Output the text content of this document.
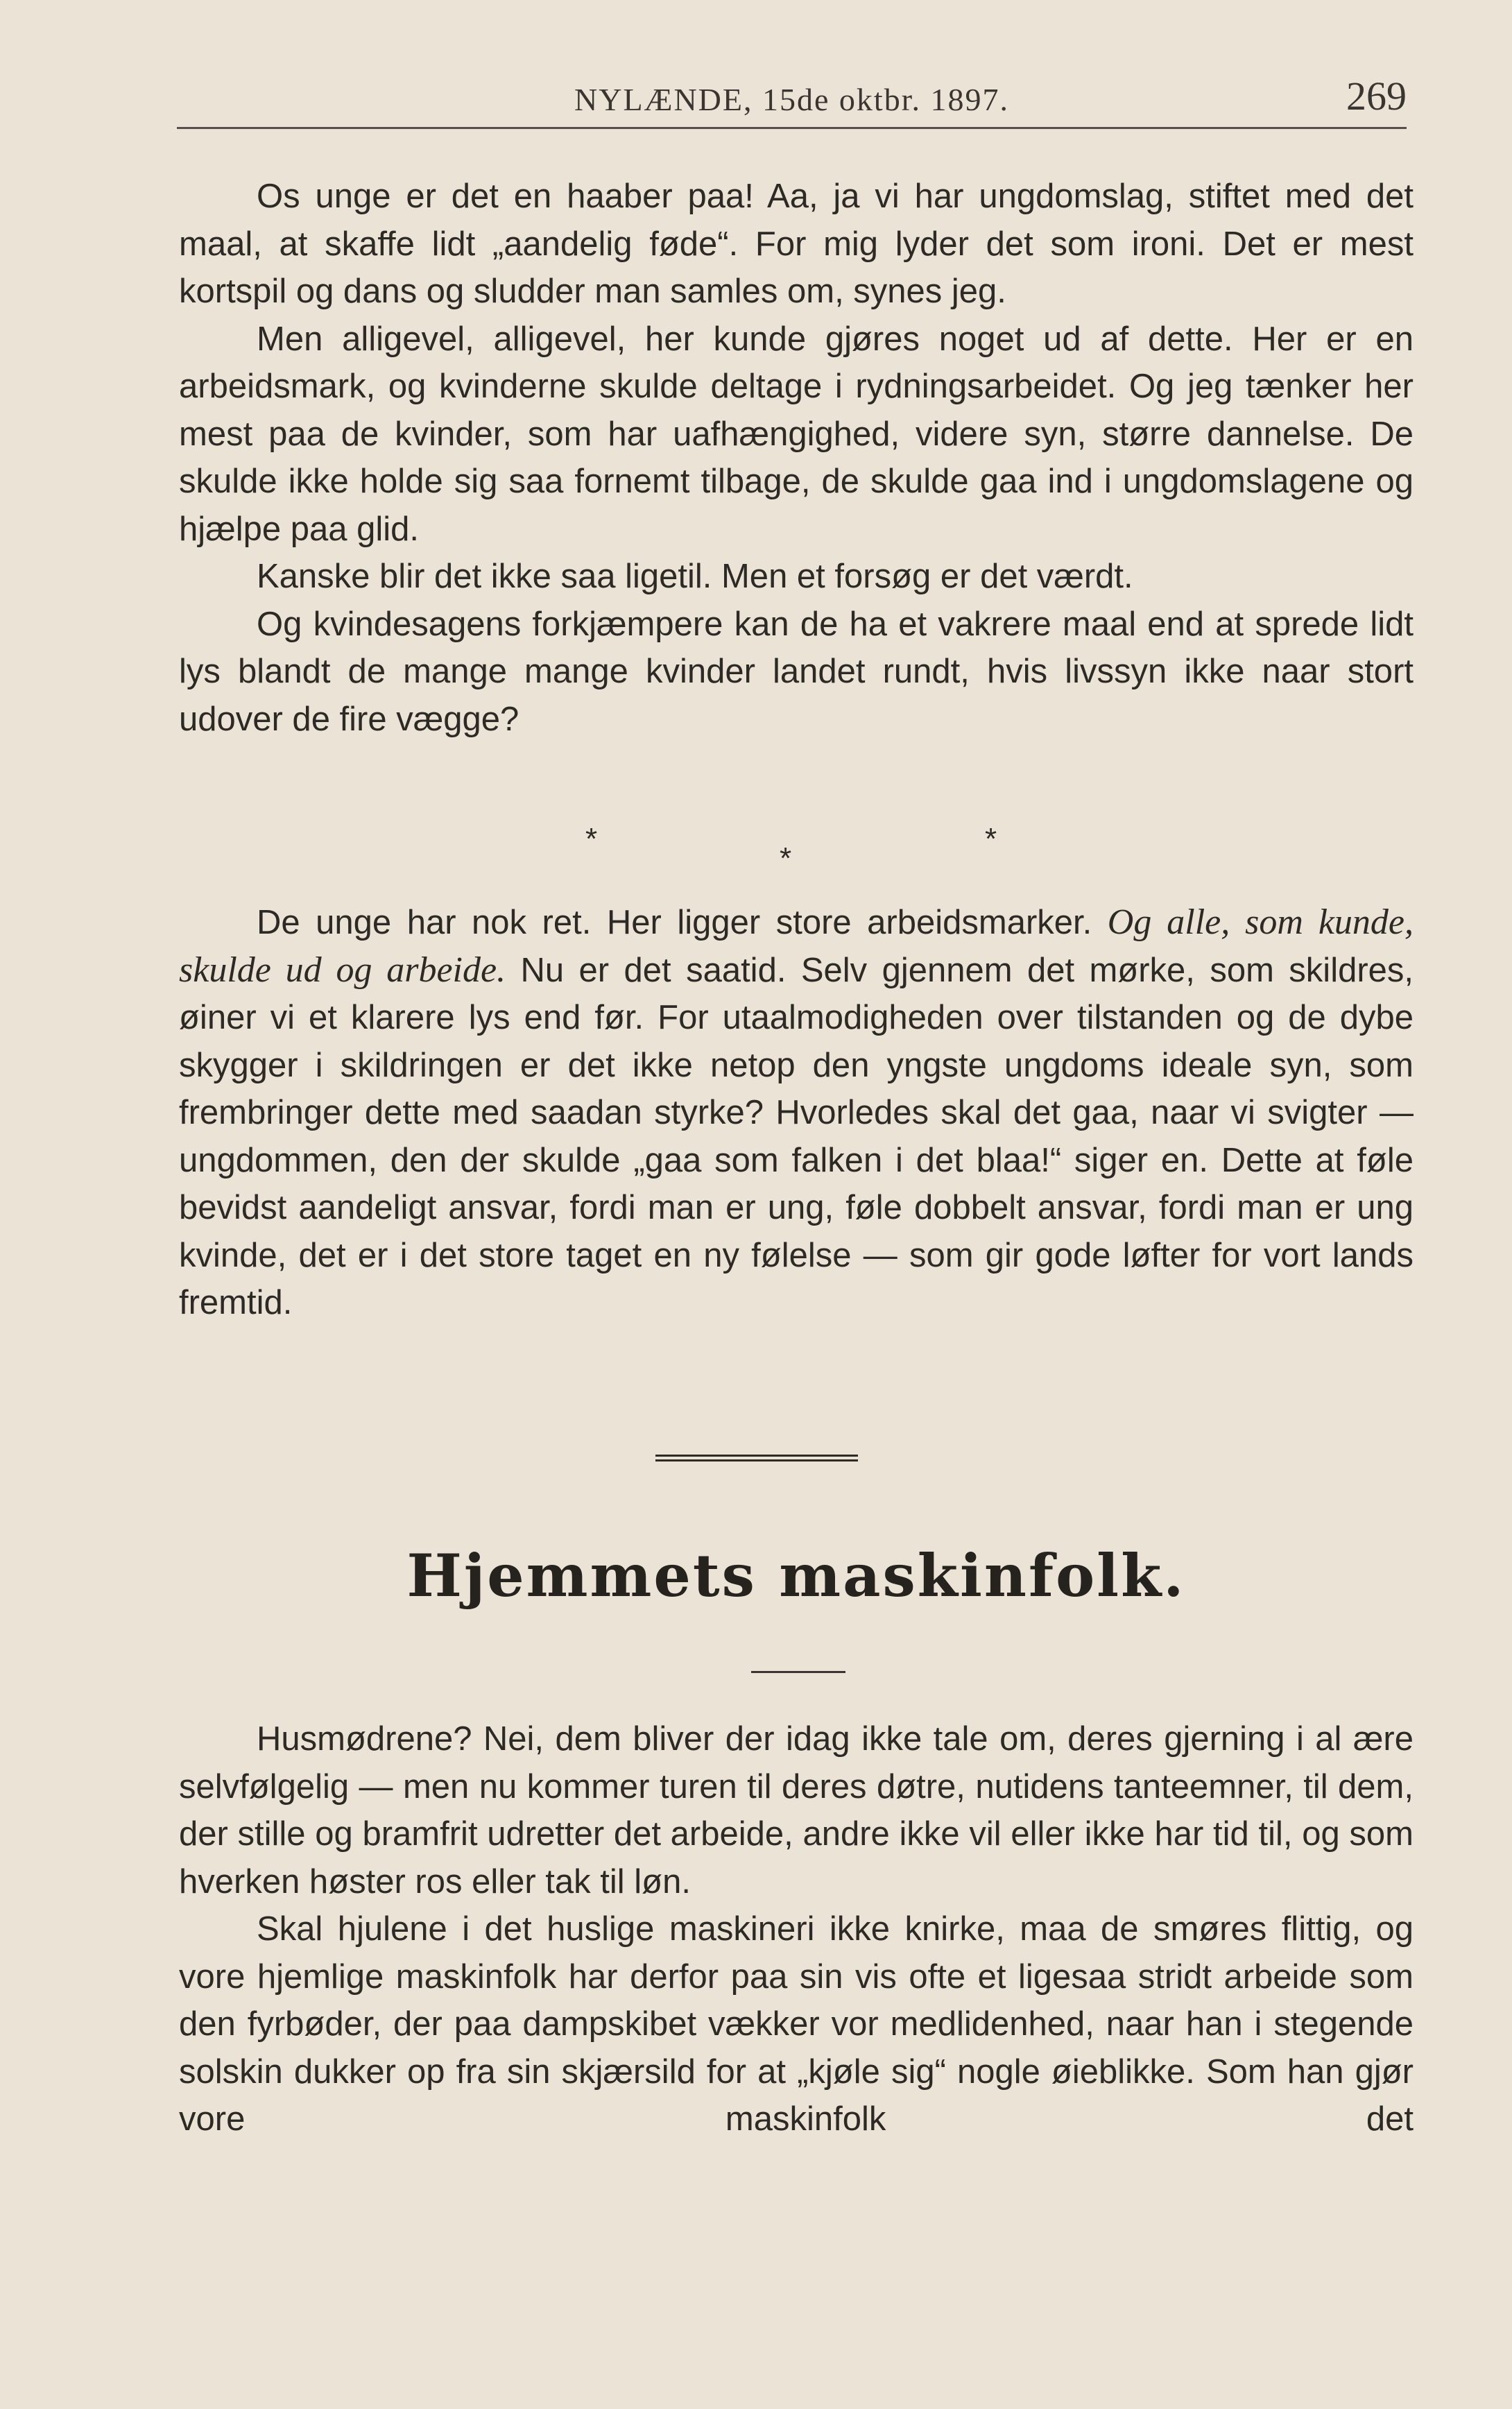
NYLÆNDE, 15de oktbr. 1897.	269

Os unge er det en haaber paa! Aa, ja vi har ungdomslag, stiftet med det maal, at skaffe lidt „aandelig føde“. For mig lyder det som ironi. Det er mest kortspil og dans og sludder man samles om, synes jeg.

Men alligevel, alligevel, her kunde gjøres noget ud af dette. Her er en arbeidsmark, og kvinderne skulde deltage i rydningsarbeidet. Og jeg tænker her mest paa de kvinder, som har uafhængighed, videre syn, større dannelse. De skulde ikke holde sig saa fornemt tilbage, de skulde gaa ind i ungdomslagene og hjælpe paa glid.

Kanske blir det ikke saa ligetil. Men et forsøg er det værdt.

Og kvindesagens forkjæmpere kan de ha et vakrere maal end at sprede lidt lys blandt de mange mange kvinder landet rundt, hvis livssyn ikke naar stort udover de fire vægge?

*
*
*

De unge har nok ret. Her ligger store arbeidsmarker. Og alle, som kunde, skulde ud og arbeide. Nu er det saatid. Selv gjennem det mørke, som skildres, øiner vi et klarere lys end før. For utaalmodigheden over tilstanden og de dybe skygger i skildringen er det ikke netop den yngste ungdoms ideale syn, som frembringer dette med saadan styrke? Hvorledes skal det gaa, naar vi svigter — ungdommen, den der skulde „gaa som falken i det blaa!“ siger en. Dette at føle bevidst aandeligt ansvar, fordi man er ung, føle dobbelt ansvar, fordi man er ung kvinde, det er i det store taget en ny følelse — som gir gode løfter for vort lands fremtid.

Hjemmets maskinfolk.

Husmødrene? Nei, dem bliver der idag ikke tale om, deres gjerning i al ære selvfølgelig — men nu kommer turen til deres døtre, nutidens tanteemner, til dem, der stille og bramfrit udretter det arbeide, andre ikke vil eller ikke har tid til, og som hverken høster ros eller tak til løn.

Skal hjulene i det huslige maskineri ikke knirke, maa de smøres flittig, og vore hjemlige maskinfolk har derfor paa sin vis ofte et ligesaa stridt arbeide som den fyrbøder, der paa dampskibet vækker vor medlidenhed, naar han i stegende solskin dukker op fra sin skjærsild for at „kjøle sig“ nogle øieblikke. Som han gjør vore maskinfolk det
